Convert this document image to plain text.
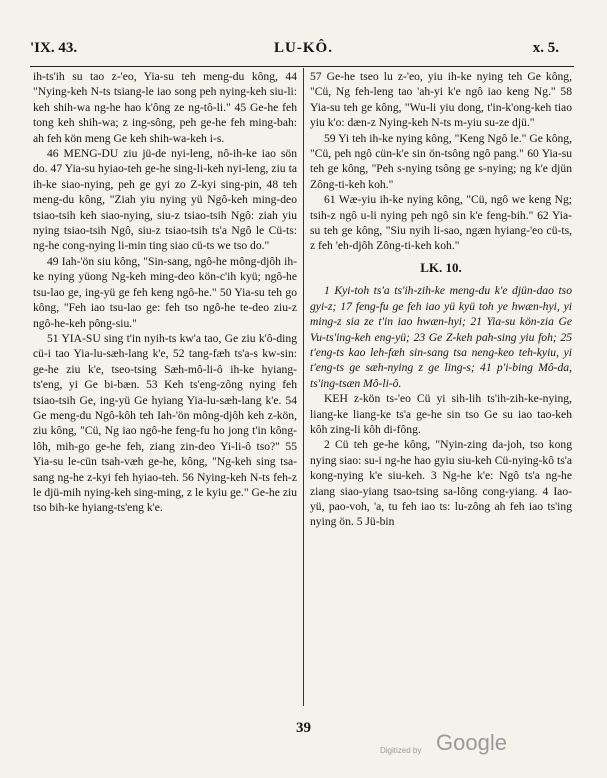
'IX. 43.	LU-KÔ.	x. 5.

ih-ts'ih su tao z-'eo, Yia-su teh meng-du kông, 44 "Nying-keh N-ts tsiang-le iao song peh nying-keh siu-li: keh shih-wa ng-he hao k'ông ze ng-tô-li." 45 Ge-he feh tong keh shih-wa; z ing-sông, peh ge-he feh ming-bah: ah feh kön meng Ge keh shih-wa-keh i-s.

46 MENG-DU ziu jü-de nyi-leng, nô-ih-ke iao sön do. 47 Yia-su hyiao-teh ge-he sing-li-keh nyi-leng, ziu ta ih-ke siao-nying, peh ge gyi zo Z-kyi sing-pin, 48 teh meng-du kông, "Ziah yiu nying yü Ngô-keh ming-deo tsiao-tsih keh siao-nying, siu-z tsiao-tsih Ngô: ziah yiu nying tsiao-tsih Ngô, siu-z tsiao-tsih ts'a Ngô le Cü-ts: ng-he cong-nying li-min ting siao cü-ts we tso do."

49 Iah-'ön siu kông, "Sin-sang, ngô-he mông-djôh ih-ke nying yüong Ng-keh ming-deo kön-c'ih kyü; ngô-he tsu-lao ge, ing-yü ge feh keng ngô-he." 50 Yia-su teh go kông, "Feh iao tsu-lao ge: feh tso ngô-he te-deo ziu-z ngô-he-keh pông-siu."

51 YIA-SU sing t'in nyih-ts kw'a tao, Ge ziu k'ô-ding cü-i tao Yia-lu-sæh-lang k'e, 52 tang-fæh ts'a-s kw-sin: ge-he ziu k'e, tseo-tsing Sæh-mô-li-ô ih-ke hyiang-ts'eng, yi Ge bi-bæn. 53 Keh ts'eng-zông nying feh tsiao-tsih Ge, ing-yü Ge hyiang Yia-lu-sæh-lang k'e. 54 Ge meng-du Ngô-kôh teh Iah-'ön mông-djôh keh z-kön, ziu kông, "Cü, Ng iao ngô-he feng-fu ho jong t'in kông-lôh, mih-go ge-he feh, ziang zin-deo Yi-li-ô tso?" 55 Yia-su le-cün tsah-væh ge-he, kông, "Ng-keh sing tsa-sang ng-he z-kyi feh hyiao-teh. 56 Nying-keh N-ts feh-z le djü-mih nying-keh sing-ming, z le kyiu ge." Ge-he ziu tso bih-ke hyiang-ts'eng k'e.

57 Ge-he tseo lu z-'eo, yiu ih-ke nying teh Ge kông, "Cü, Ng feh-leng tao 'ah-yi k'e ngô iao keng Ng." 58 Yia-su teh ge kông, "Wu-li yiu dong, t'in-k'ong-keh tiao yiu k'o: dæn-z Nying-keh N-ts m-yiu su-ze djü."

59 Yi teh ih-ke nying kông, "Keng Ngô le." Ge kông, "Cü, peh ngô cün-k'e sin ön-tsông ngô pang." 60 Yia-su teh ge kông, "Peh s-nying tsông ge s-nying; ng k'e djün Zông-ti-keh koh."

61 Wæ-yiu ih-ke nying kông, "Cü, ngô we keng Ng; tsih-z ngô u-li nying peh ngô sin k'e feng-bih." 62 Yia-su teh ge kông, "Siu nyih li-sao, ngæn hyiang-'eo cü-ts, z feh 'eh-djôh Zông-ti-keh koh."

LK. 10.

1 Kyi-toh ts'a ts'ih-zih-ke meng-du k'e djün-dao tso gyi-z; 17 feng-fu ge feh iao yü kyü toh ye hwæn-hyi, yi ming-z sia ze t'in iao hwæn-hyi; 21 Yia-su kön-zia Ge Vu-ts'ing-keh eng-yü; 23 Ge Z-keh pah-sing yiu foh; 25 t'eng-ts kao leh-fæh sin-sang tsa neng-keo teh-kyiu, yi t'eng-ts ge sæh-nying z ge ling-s; 41 p'i-bing Mô-da, ts'ing-tsæn Mô-li-ô.

KEH z-kön ts-'eo Cü yi sih-lih ts'ih-zih-ke-nying, liang-ke liang-ke ts'a ge-he sin tso Ge su iao tao-keh kôh zing-li kôh di-fông.

2 Cü teh ge-he kông, "Nyin-zing da-joh, tso kong nying siao: su-i ng-he hao gyiu siu-keh Cü-nying-kô ts'a kong-nying k'e siu-keh. 3 Ng-he k'e: Ngô ts'a ng-he ziang siao-yiang tsao-tsing sa-lông cong-yiang. 4 Iao-yü, pao-voh, 'a, tu feh iao ts: lu-zông ah feh iao ts'ing nying ön. 5 Jü-bin

39
Digitized by Google
